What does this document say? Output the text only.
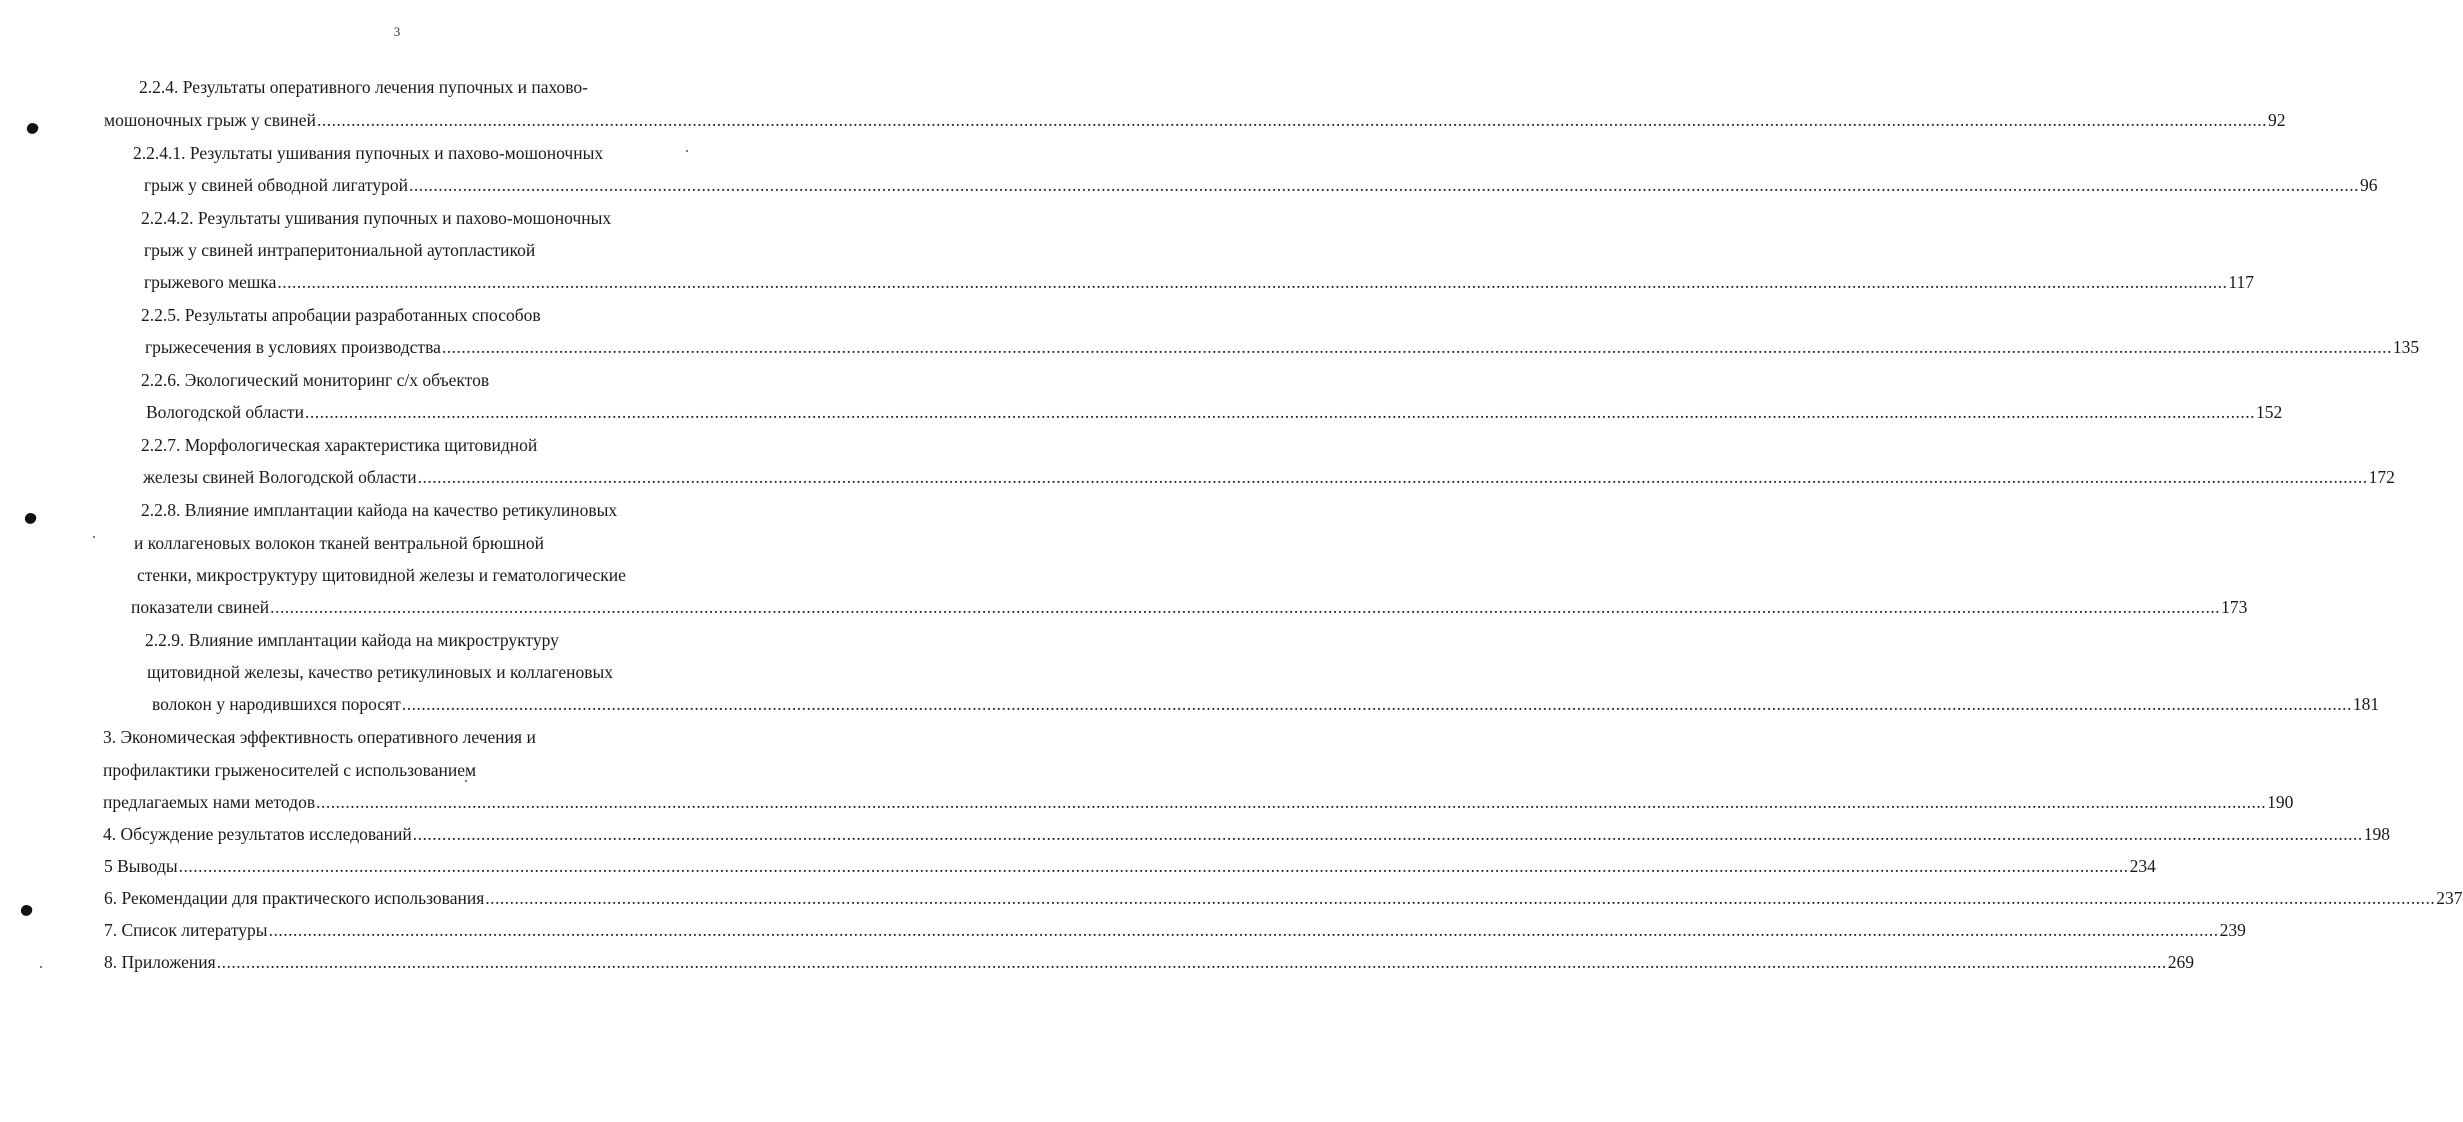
3
2.2.4. Результаты оперативного лечения пупочных и пахово-
мошоночных грыж у свиней ................................................................................................................................................................................................................................................................................................................................................................................................................ 92
2.2.4.1. Результаты ушивания пупочных и пахово-мошоночных
грыж у свиней обводной лигатурой ................................................................................................................................................................................................................................................................................................................................................................................................................ 96
2.2.4.2. Результаты ушивания пупочных и пахово-мошоночных
грыж у свиней интраперитониальной аутопластикой
грыжевого мешка ................................................................................................................................................................................................................................................................................................................................................................................................................ 117
2.2.5. Результаты апробации разработанных способов
грыжесечения в условиях производства ................................................................................................................................................................................................................................................................................................................................................................................................................ 135
2.2.6. Экологический мониторинг с/х объектов
Вологодской области ................................................................................................................................................................................................................................................................................................................................................................................................................ 152
2.2.7. Морфологическая характеристика щитовидной
железы свиней Вологодской области ................................................................................................................................................................................................................................................................................................................................................................................................................ 172
2.2.8. Влияние имплантации кайода на качество ретикулиновых
и коллагеновых волокон тканей вентральной брюшной
стенки, микроструктуру щитовидной железы и гематологические
показатели свиней ................................................................................................................................................................................................................................................................................................................................................................................................................ 173
2.2.9. Влияние имплантации кайода на микроструктуру
щитовидной железы, качество ретикулиновых и коллагеновых
волокон у народившихся поросят ................................................................................................................................................................................................................................................................................................................................................................................................................ 181
3. Экономическая эффективность оперативного лечения и
профилактики грыженосителей с использованием
предлагаемых нами методов ................................................................................................................................................................................................................................................................................................................................................................................................................ 190
4. Обсуждение результатов исследований ................................................................................................................................................................................................................................................................................................................................................................................................................ 198
5 Выводы ................................................................................................................................................................................................................................................................................................................................................................................................................ 234
6. Рекомендации для практического использования ................................................................................................................................................................................................................................................................................................................................................................................................................ 237
7. Список литературы ................................................................................................................................................................................................................................................................................................................................................................................................................ 239
8. Приложения ................................................................................................................................................................................................................................................................................................................................................................................................................ 269
